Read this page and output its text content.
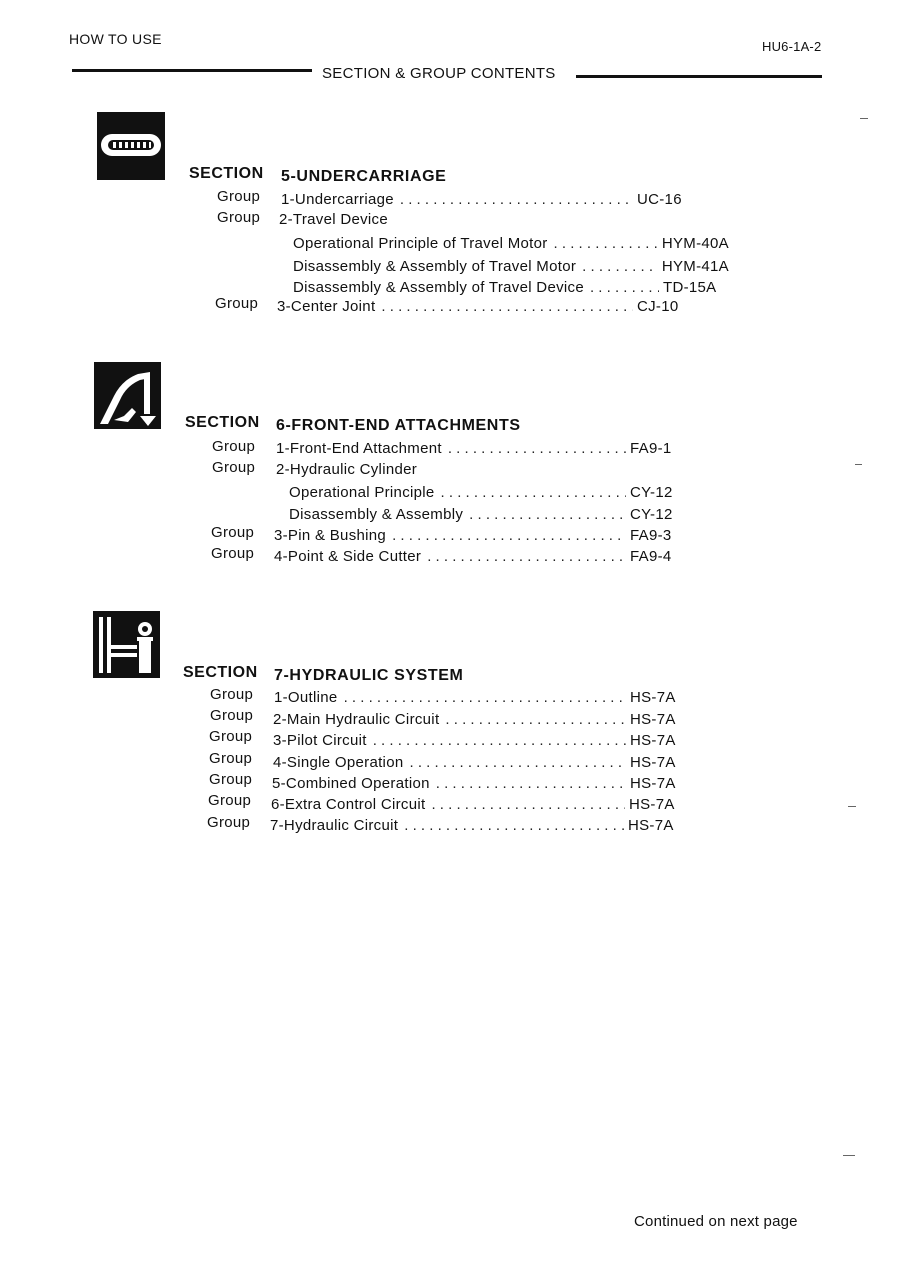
HOW TO USE	HU6-1A-2
SECTION & GROUP CONTENTS
SECTION 5-UNDERCARRIAGE
Group 1-Undercarriage . . .	UC-16
Group 2-Travel Device
Operational Principle of Travel Motor . . .	HYM-40A
Disassembly & Assembly of Travel Motor . . .	HYM-41A
Disassembly & Assembly of Travel Device . . .	TD-15A
Group 3-Center Joint . . .	CJ-10
SECTION 6-FRONT-END ATTACHMENTS
Group 1-Front-End Attachment . . .	FA9-1
Group 2-Hydraulic Cylinder
Operational Principle . . .	CY-12
Disassembly & Assembly . . .	CY-12
Group 3-Pin & Bushing . . .	FA9-3
Group 4-Point & Side Cutter . . .	FA9-4
SECTION 7-HYDRAULIC SYSTEM
Group 1-Outline . . .	HS-7A
Group 2-Main Hydraulic Circuit . . .	HS-7A
Group 3-Pilot Circuit . . .	HS-7A
Group 4-Single Operation . . .	HS-7A
Group 5-Combined Operation . . .	HS-7A
Group 6-Extra Control Circuit . . .	HS-7A
Group 7-Hydraulic Circuit . . .	HS-7A
Continued on next page
